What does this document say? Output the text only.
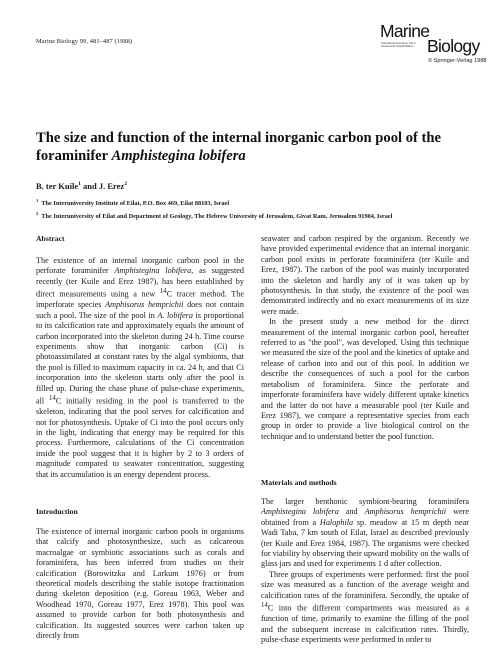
Marine Biology 99, 481–487 (1988)
Marine
Biology
International Journal on Life in Oceans and Coastal Waters
© Springer-Verlag 1988
The size and function of the internal inorganic carbon pool of the foraminifer Amphistegina lobifera
B. ter Kuile$^1$ and J. Erez$^2$
$^1$ The Interuniversity Institute of Eilat, P.O. Box 469, Eilat 88103, Israel
$^2$ The Interuniversity of Eilat and Department of Geology, The Hebrew University of Jerusalem, Givat Ram, Jerusalem 91904, Israel
Abstract

The existence of an internal inorganic carbon pool in the perforate foraminifer Amphistegina lobifera, as suggested recently (ter Kuile and Erez 1987), has been established by direct measurements using a new $^{14}$C tracer method. The imperforate species Amphisorus hemprichii does not contain such a pool. The size of the pool in A. lobifera is proportional to its calcification rate and approximately equals the amount of carbon incorporated into the skeleton during 24 h. Time course experiments show that inorganic carbon (Ci) is photoassimilated at constant rates by the algal symbionts, that the pool is filled to maximum capacity in ca. 24 h, and that Ci incorporation into the skeleton starts only after the pool is filled up. During the chase phase of pulse-chase experiments, all $^{14}$C initially residing in the pool is transferred to the skeleton, indicating that the pool serves for calcification and not for photosynthesis. Uptake of Ci into the pool occurs only in the light, indicating that energy may be required for this process. Furthermore, calculations of the Ci concentration inside the pool suggest that it is higher by 2 to 3 orders of magnitude compared to seawater concentration, suggesting that its accumulation is an energy dependent process.

Introduction

The existence of internal inorganic carbon pools in organisms that calcify and photosynthesize, such as calcareous macroalgae or symbiotic associations such as corals and foraminifera, has been inferred from studies on their calcification (Borowitzka and Larkum 1976) or from theoretical models describing the stable isotope fractionation during skeleton deposition (e.g. Goreau 1963, Weber and Woodhead 1970, Goreau 1977, Erez 1978). This pool was assumed to provide carbon for both photosynthesis and calcification. Its suggested sources were carbon taken up directly from

seawater and carbon respired by the organism. Recently we have provided experimental evidence that an internal inorganic carbon pool exists in perforate foraminifera (ter Kuile and Erez, 1987). The carbon of the pool was mainly incorporated into the skeleton and hardly any of it was taken up by photosynthesis. In that study, the existence of the pool was demonstrated indirectly and no exact measurements of its size were made.

In the present study a new method for the direct measurement of the internal inorganic carbon pool, hereafter referred to as "the pool", was developed. Using this technique we measured the size of the pool and the kinetics of uptake and release of carbon into and out of this pool. In addition we describe the consequences of such a pool for the carbon metabolism of foraminifera. Since the perforate and imperforate foraminifera have widely different uptake kinetics and the latter do not have a measurable pool (ter Kuile and Erez 1987), we compare a representative species from each group in order to provide a live biological control on the technique and to understand better the pool function.

Materials and methods

The larger benthonic symbiont-bearing foraminifera Amphistegina lobifera and Amphisorus hemprichii were obtained from a Halophila sp. meadow at 15 m depth near Wadi Taba, 7 km south of Eilat, Israel as described previously (ter Kuile and Erez 1984, 1987). The organisms were checked for viability by observing their upward mobility on the walls of glass jars and used for experiments 1 d after collection.

Three groups of experiments were performed: first the pool size was measured as a function of the average weight and calcification rates of the foraminifera. Secondly, the uptake of $^{14}$C into the different compartments was measured as a function of time, primarily to examine the filling of the pool and the subsequent increase in calcification rates. Thirdly, pulse-chase experiments were performed in order to
